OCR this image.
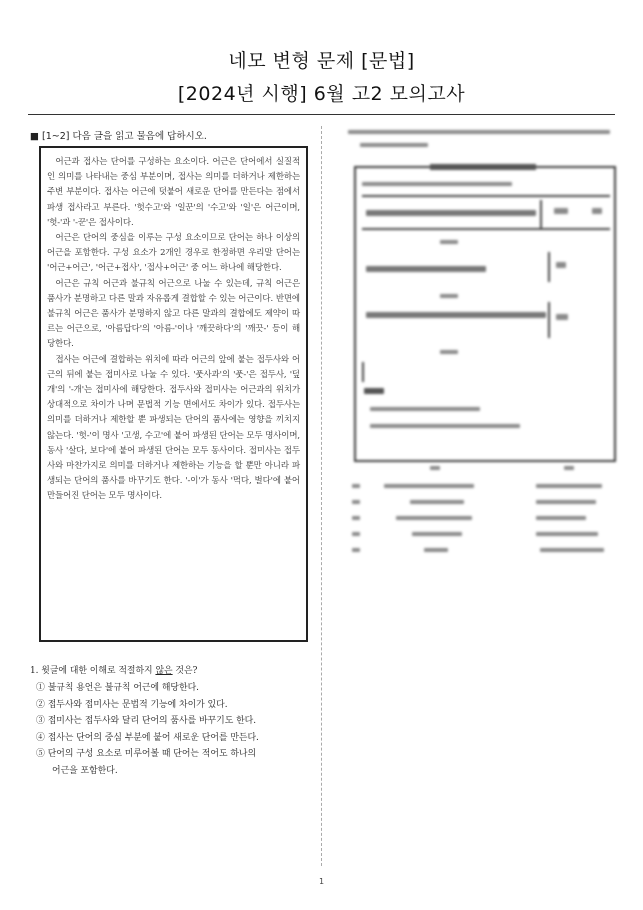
네모 변형 문제 [문법]
[2024년 시행] 6월 고2 모의고사
■ [1~2] 다음 글을 읽고 물음에 답하시오.

어근과 접사는 단어를 구성하는 요소이다. 어근은 단어에서 실질적인 의미를 나타내는 중심 부분이며, 접사는 의미를 더하거나 제한하는 주변 부분이다. 접사는 어근에 덧붙어 새로운 단어를 만든다는 점에서 파생 접사라고 부른다. '헛수고'와 '일꾼'의 '수고'와 '일'은 어근이며, '헛-'과 '-꾼'은 접사이다.

어근은 단어의 중심을 이루는 구성 요소이므로 단어는 하나 이상의 어근을 포함한다. 구성 요소가 2개인 경우로 한정하면 우리말 단어는 '어근+어근', '어근+접사', '접사+어근' 중 어느 하나에 해당한다.

어근은 규칙 어근과 불규칙 어근으로 나눌 수 있는데, 규칙 어근은 품사가 분명하고 다른 말과 자유롭게 결합할 수 있는 어근이다. 반면에 불규칙 어근은 품사가 분명하지 않고 다른 말과의 결합에도 제약이 따르는 어근으로, '아름답다'의 '아름-'이나 '깨끗하다'의 '깨끗-' 등이 해당한다.

접사는 어근에 결합하는 위치에 따라 어근의 앞에 붙는 접두사와 어근의 뒤에 붙는 접미사로 나눌 수 있다. '풋사과'의 '풋-'은 접두사, '덮개'의 '-개'는 접미사에 해당한다. 접두사와 접미사는 어근과의 위치가 상대적으로 차이가 나며 문법적 기능 면에서도 차이가 있다. 접두사는 의미를 더하거나 제한할 뿐 파생되는 단어의 품사에는 영향을 끼치지 않는다. '헛-'이 명사 '고생, 수고'에 붙어 파생된 단어는 모두 명사이며, 동사 '살다, 보다'에 붙어 파생된 단어는 모두 동사이다. 접미사는 접두사와 마찬가지로 의미를 더하거나 제한하는 기능을 할 뿐만 아니라 파생되는 단어의 품사를 바꾸기도 한다. '-이'가 동사 '먹다, 벌다'에 붙어 만들어진 단어는 모두 명사이다.

1. 윗글에 대한 이해로 적절하지 않은 것은?
① 불규칙 용언은 불규칙 어근에 해당한다.
② 접두사와 접미사는 문법적 기능에 차이가 있다.
③ 접미사는 접두사와 달리 단어의 품사를 바꾸기도 한다.
④ 접사는 단어의 중심 부분에 붙어 새로운 단어를 만든다.
⑤ 단어의 구성 요소로 미루어볼 때 단어는 적어도 하나의
어근을 포함한다.
1
